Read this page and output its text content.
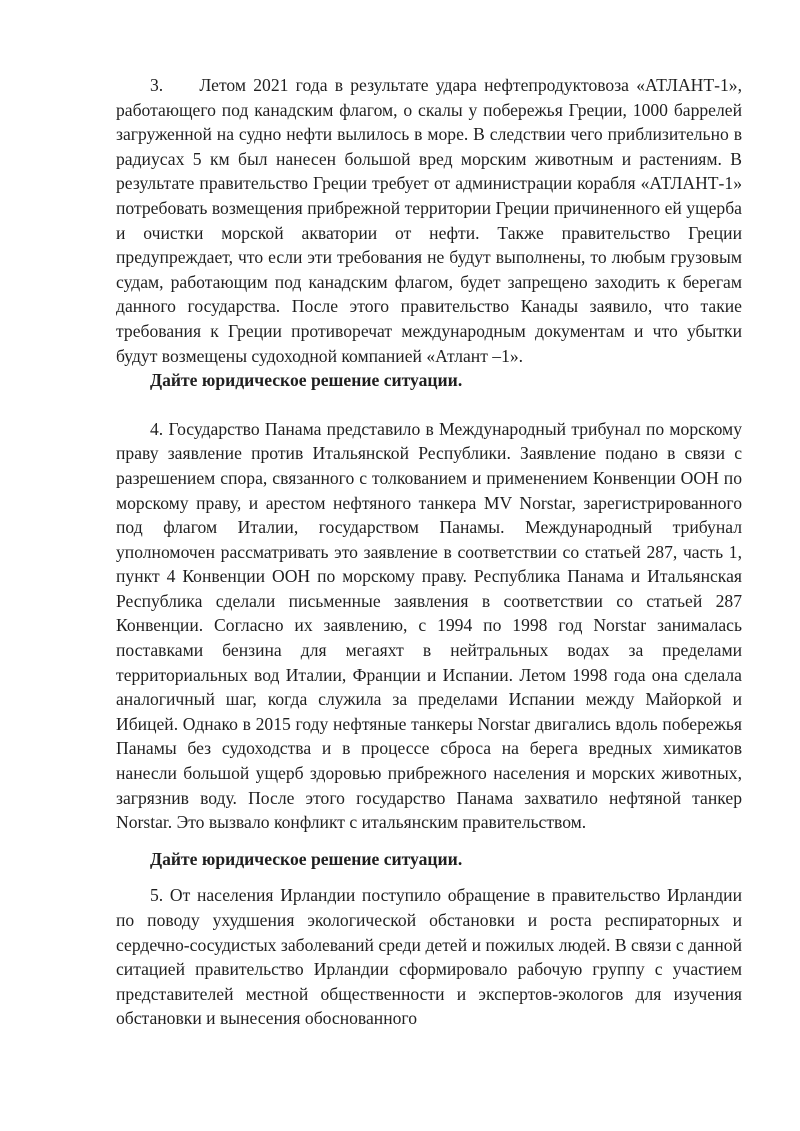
3.     Летом 2021 года в результате удара нефтепродуктовоза «АТЛАНТ-1», работающего под канадским флагом, о скалы у побережья Греции, 1000 баррелей загруженной на судно нефти вылилось в море. В следствии чего приблизительно в радиусах 5 км был нанесен большой вред морским животным и растениям. В результате правительство Греции требует от администрации корабля «АТЛАНТ-1» потребовать возмещения прибрежной территории Греции причиненного ей ущерба и очистки морской акватории от нефти. Также правительство Греции предупреждает, что если эти требования не будут выполнены, то любым грузовым судам, работающим под канадским флагом, будет запрещено заходить к берегам данного государства. После этого правительство Канады заявило, что такие требования к Греции противоречат международным документам и что убытки будут возмещены судоходной компанией «Атлант –1».

Дайте юридическое решение ситуации.

4. Государство Панама представило в Международный трибунал по морскому праву заявление против Итальянской Республики. Заявление подано в связи с разрешением спора, связанного с толкованием и применением Конвенции ООН по морскому праву, и арестом нефтяного танкера MV Norstar, зарегистрированного под флагом Италии, государством Панамы. Международный трибунал уполномочен рассматривать это заявление в соответствии со статьей 287, часть 1, пункт 4 Конвенции ООН по морскому праву. Республика Панама и Итальянская Республика сделали письменные заявления в соответствии со статьей 287 Конвенции. Согласно их заявлению, с 1994 по 1998 год Norstar занималась поставками бензина для мегаяхт в нейтральных водах за пределами территориальных вод Италии, Франции и Испании. Летом 1998 года она сделала аналогичный шаг, когда служила за пределами Испании между Майоркой и Ибицей. Однако в 2015 году нефтяные танкеры Norstar двигались вдоль побережья Панамы без судоходства и в процессе сброса на берега вредных химикатов нанесли большой ущерб здоровью прибрежного населения и морских животных, загрязнив воду. После этого государство Панама захватило нефтяной танкер Norstar. Это вызвало конфликт с итальянским правительством.

Дайте юридическое решение ситуации.

5. От населения Ирландии поступило обращение в правительство Ирландии по поводу ухудшения экологической обстановки и роста респираторных и сердечно-сосудистых заболеваний среди детей и пожилых людей. В связи с данной ситацией правительство Ирландии сформировало рабочую группу с участием представителей местной общественности и экспертов-экологов для изучения обстановки и вынесения обоснованного
